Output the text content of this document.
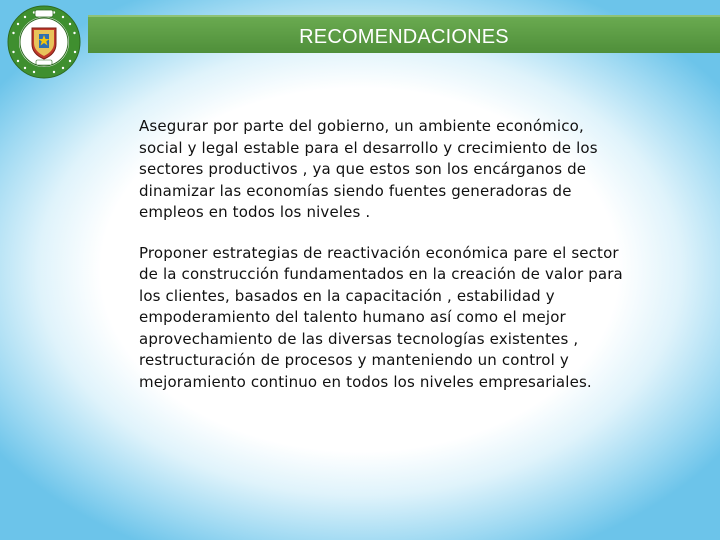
RECOMENDACIONES

Asegurar por parte del gobierno, un ambiente económico, social y legal estable para el desarrollo y crecimiento de los sectores productivos , ya que estos son los encárganos de dinamizar las economías siendo fuentes generadoras de empleos en todos los niveles .

Proponer estrategias de reactivación económica pare el sector de la construcción fundamentados en la creación de valor para los clientes, basados en la capacitación , estabilidad y empoderamiento del talento humano así como el mejor aprovechamiento de las diversas tecnologías existentes , restructuración de procesos y manteniendo un control y mejoramiento continuo en todos los niveles empresariales.
